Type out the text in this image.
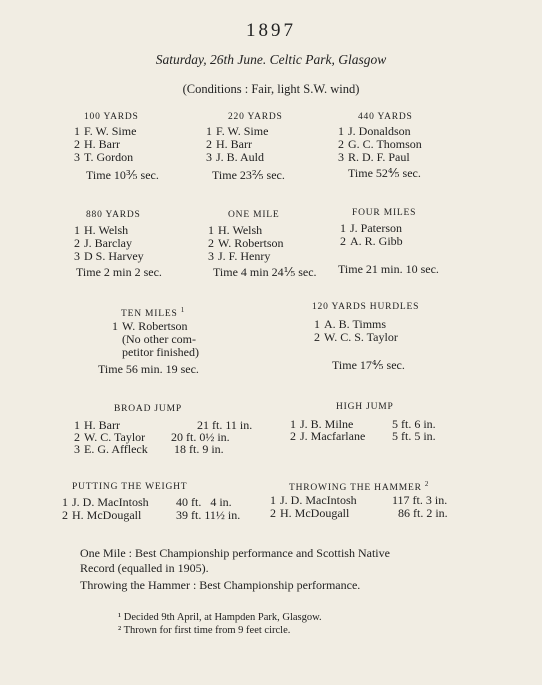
1897
Saturday, 26th June. Celtic Park, Glasgow
(Conditions : Fair, light S.W. wind)
100 YARDS
1 F. W. Sime
2 H. Barr
3 T. Gordon
Time 10⅗ sec.
220 YARDS
1 F. W. Sime
2 H. Barr
3 J. B. Auld
Time 23⅖ sec.
440 YARDS
1 J. Donaldson
2 G. C. Thomson
3 R. D. F. Paul
Time 52⅘ sec.
880 YARDS
1 H. Welsh
2 J. Barclay
3 D S. Harvey
Time 2 min 2 sec.
ONE MILE
1 H. Welsh
2 W. Robertson
3 J. F. Henry
Time 4 min 24⅕ sec.
FOUR MILES
1 J. Paterson
2 A. R. Gibb
Time 21 min. 10 sec.
TEN MILES $^1$
1 W. Robertson
(No other com-
petitor finished)
Time 56 min. 19 sec.
120 YARDS HURDLES
1 A. B. Timms
2 W. C. S. Taylor
Time 17⅘ sec.
BROAD JUMP
1 H. Barr	21 ft. 11 in.
2 W. C. Taylor 20 ft. 0½ in.
3 E. G. Affleck 18 ft. 9 in.
HIGH JUMP
1 J. B. Milne	5 ft. 6 in.
2 J. Macfarlane 5 ft. 5 in.
PUTTING THE WEIGHT
1 J. D. MacIntosh 40 ft.   4 in.
2 H. McDougall	39 ft. 11½ in.
THROWING THE HAMMER $^2$
1 J. D. MacIntosh	117 ft. 3 in.
2 H. McDougall	86 ft. 2 in.
One Mile : Best Championship performance and Scottish Native
Record (equalled in 1905).
Throwing the Hammer : Best Championship performance.
¹ Decided 9th April, at Hampden Park, Glasgow.
² Thrown for first time from 9 feet circle.
